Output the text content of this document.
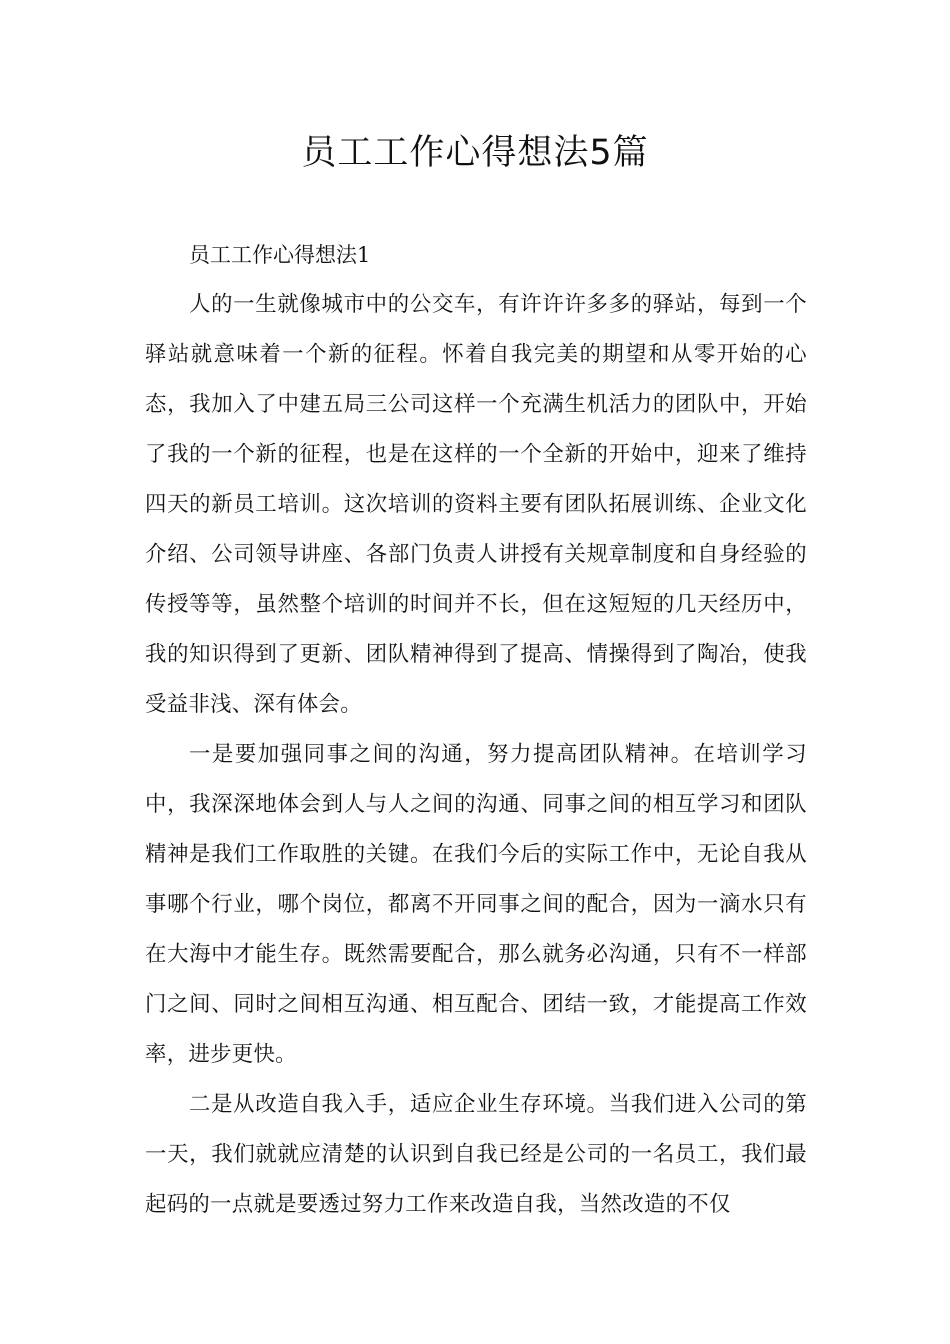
员工工作心得想法5篇

员工工作心得想法1

人的一生就像城市中的公交车，有许许许多多的驿站，每到一个驿站就意味着一个新的征程。怀着自我完美的期望和从零开始的心态，我加入了中建五局三公司这样一个充满生机活力的团队中，开始了我的一个新的征程，也是在这样的一个全新的开始中，迎来了维持四天的新员工培训。这次培训的资料主要有团队拓展训练、企业文化介绍、公司领导讲座、各部门负责人讲授有关规章制度和自身经验的传授等等，虽然整个培训的时间并不长，但在这短短的几天经历中，我的知识得到了更新、团队精神得到了提高、情操得到了陶冶，使我受益非浅、深有体会。

一是要加强同事之间的沟通，努力提高团队精神。在培训学习中，我深深地体会到人与人之间的沟通、同事之间的相互学习和团队精神是我们工作取胜的关键。在我们今后的实际工作中，无论自我从事哪个行业，哪个岗位，都离不开同事之间的配合，因为一滴水只有在大海中才能生存。既然需要配合，那么就务必沟通，只有不一样部门之间、同时之间相互沟通、相互配合、团结一致，才能提高工作效率，进步更快。

二是从改造自我入手，适应企业生存环境。当我们进入公司的第一天，我们就就应清楚的认识到自我已经是公司的一名员工，我们最起码的一点就是要透过努力工作来改造自我，当然改造的不仅
